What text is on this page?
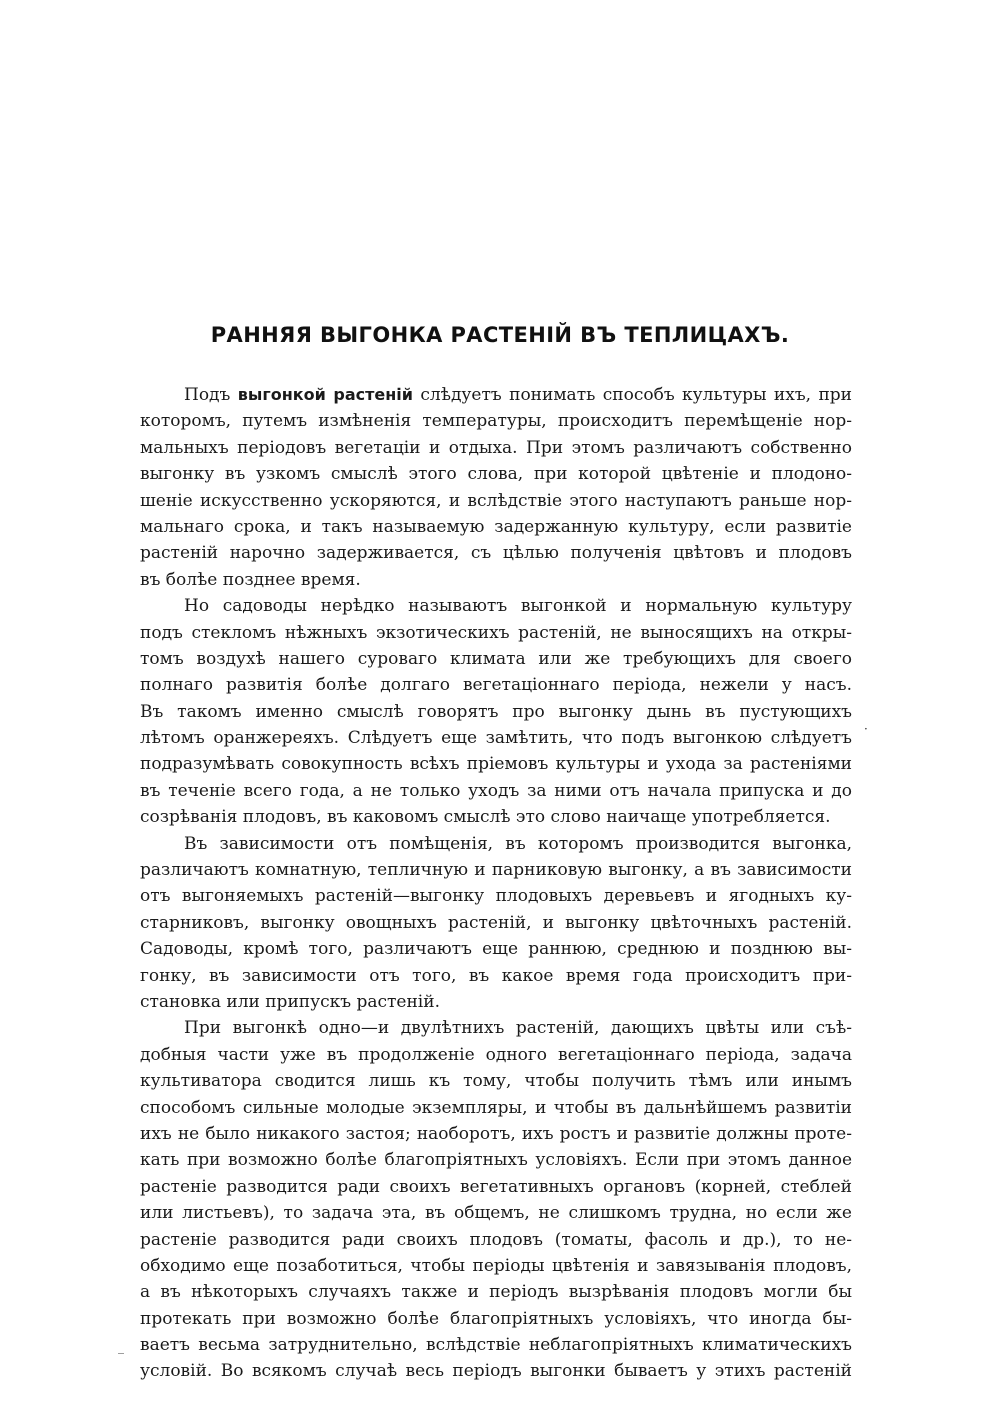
РАННЯЯ ВЫГОНКА РАСТЕНІЙ ВЪ ТЕПЛИЦАХЪ.
Подъ выгонкой растеній слѣдуетъ понимать способъ культуры ихъ, при
которомъ, путемъ измѣненія температуры, происходитъ перемѣщеніе нор-
мальныхъ періодовъ вегетаціи и отдыха. При этомъ различаютъ собственно
выгонку въ узкомъ смыслѣ этого слова, при которой цвѣтеніе и плодоно-
шеніе искусственно ускоряются, и вслѣдствіе этого наступаютъ раньше нор-
мальнаго срока, и такъ называемую задержанную культуру, если развитіе
растеній нарочно задерживается, съ цѣлью полученія цвѣтовъ и плодовъ
въ болѣе позднее время.
Но садоводы нерѣдко называютъ выгонкой и нормальную культуру
подъ стекломъ нѣжныхъ экзотическихъ растеній, не выносящихъ на откры-
томъ воздухѣ нашего суроваго климата или же требующихъ для своего
полнаго развитія болѣе долгаго вегетаціоннаго періода, нежели у насъ.
Въ такомъ именно смыслѣ говорятъ про выгонку дынь въ пустующихъ
лѣтомъ оранжереяхъ. Слѣдуетъ еще замѣтить, что подъ выгонкою слѣдуетъ
подразумѣвать совокупность всѣхъ пріемовъ культуры и ухода за растеніями
въ теченіе всего года, а не только уходъ за ними отъ начала припуска и до
созрѣванія плодовъ, въ каковомъ смыслѣ это слово наичаще употребляется.
Въ зависимости отъ помѣщенія, въ которомъ производится выгонка,
различаютъ комнатную, тепличную и парниковую выгонку, а въ зависимости
отъ выгоняемыхъ растеній—выгонку плодовыхъ деревьевъ и ягодныхъ ку-
старниковъ, выгонку овощныхъ растеній, и выгонку цвѣточныхъ растеній.
Садоводы, кромѣ того, различаютъ еще раннюю, среднюю и позднюю вы-
гонку, въ зависимости отъ того, въ какое время года происходитъ при-
становка или припускъ растеній.
При выгонкѣ одно—и двулѣтнихъ растеній, дающихъ цвѣты или съѣ-
добныя части уже въ продолженіе одного вегетаціоннаго періода, задача
культиватора сводится лишь къ тому, чтобы получить тѣмъ или инымъ
способомъ сильные молодые экземпляры, и чтобы въ дальнѣйшемъ развитіи
ихъ не было никакого застоя; наоборотъ, ихъ ростъ и развитіе должны проте-
кать при возможно болѣе благопріятныхъ условіяхъ. Если при этомъ данное
растеніе разводится ради своихъ вегетативныхъ органовъ (корней, стеблей
или листьевъ), то задача эта, въ общемъ, не слишкомъ трудна, но если же
растеніе разводится ради своихъ плодовъ (томаты, фасоль и др.), то не-
обходимо еще позаботиться, чтобы періоды цвѣтенія и завязыванія плодовъ,
а въ нѣкоторыхъ случаяхъ также и періодъ вызрѣванія плодовъ могли бы
протекать при возможно болѣе благопріятныхъ условіяхъ, что иногда бы-
ваетъ весьма затруднительно, вслѣдствіе неблагопріятныхъ климатическихъ
условій. Во всякомъ случаѣ весь періодъ выгонки бываетъ у этихъ растеній
·
_
